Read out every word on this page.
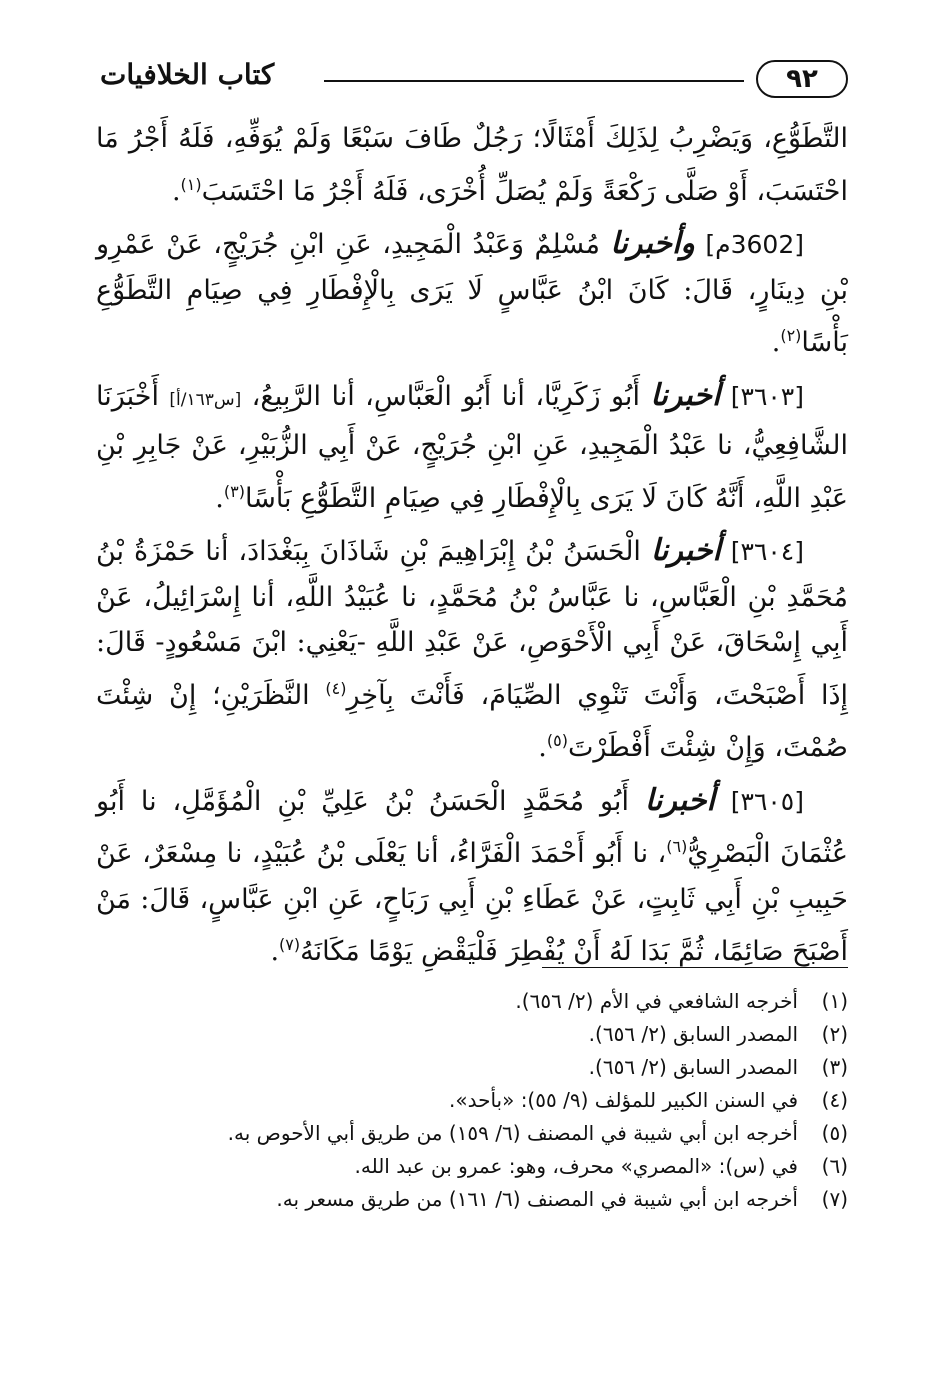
٩٢
كتاب الخلافيات

التَّطَوُّعِ، وَيَضْرِبُ لِذَلِكَ أَمْثَالًا؛ رَجُلٌ طَافَ سَبْعًا وَلَمْ يُوَفِّهِ، فَلَهُ أَجْرُ مَا احْتَسَبَ، أَوْ صَلَّى رَكْعَةً وَلَمْ يُصَلِّ أُخْرَى، فَلَهُ أَجْرُ مَا احْتَسَبَ$^{(١)}$.

[3602م] وأخبرنا مُسْلِمٌ وَعَبْدُ الْمَجِيدِ، عَنِ ابْنِ جُرَيْجٍ، عَنْ عَمْرِو بْنِ دِينَارٍ، قَالَ: كَانَ ابْنُ عَبَّاسٍ لَا يَرَى بِالْإِفْطَارِ فِي صِيَامِ التَّطَوُّعِ بَأْسًا$^{(٢)}$.

[٣٦٠٣] أخبرنا أَبُو زَكَرِيَّا، أنا أَبُو الْعَبَّاسِ، أنا الرَّبِيعُ، [س١٦٣/أ] أَخْبَرَنَا الشَّافِعِيُّ، نا عَبْدُ الْمَجِيدِ، عَنِ ابْنِ جُرَيْجٍ، عَنْ أَبِي الزُّبَيْرِ، عَنْ جَابِرِ بْنِ عَبْدِ اللَّهِ، أَنَّهُ كَانَ لَا يَرَى بِالْإِفْطَارِ فِي صِيَامِ التَّطَوُّعِ بَأْسًا$^{(٣)}$.

[٣٦٠٤] أخبرنا الْحَسَنُ بْنُ إِبْرَاهِيمَ بْنِ شَاذَانَ بِبَغْدَادَ، أنا حَمْزَةُ بْنُ مُحَمَّدِ بْنِ الْعَبَّاسِ، نا عَبَّاسُ بْنُ مُحَمَّدٍ، نا عُبَيْدُ اللَّهِ، أنا إِسْرَائِيلُ، عَنْ أَبِي إِسْحَاقَ، عَنْ أَبِي الْأَحْوَصِ، عَنْ عَبْدِ اللَّهِ -يَعْنِي: ابْنَ مَسْعُودٍ- قَالَ: إِذَا أَصْبَحْتَ، وَأَنْتَ تَنْوِي الصِّيَامَ، فَأَنْتَ بِآخِرِ$^{(٤)}$ النَّظَرَيْنِ؛ إِنْ شِئْتَ صُمْتَ، وَإِنْ شِئْتَ أَفْطَرْتَ$^{(٥)}$.

[٣٦٠٥] أخبرنا أَبُو مُحَمَّدٍ الْحَسَنُ بْنُ عَلِيِّ بْنِ الْمُؤَمَّلِ، نا أَبُو عُثْمَانَ الْبَصْرِيُّ$^{(٦)}$، نا أَبُو أَحْمَدَ الْفَرَّاءُ، أنا يَعْلَى بْنُ عُبَيْدٍ، نا مِسْعَرٌ، عَنْ حَبِيبِ بْنِ أَبِي ثَابِتٍ، عَنْ عَطَاءِ بْنِ أَبِي رَبَاحٍ، عَنِ ابْنِ عَبَّاسٍ، قَالَ: مَنْ أَصْبَحَ صَائِمًا، ثُمَّ بَدَا لَهُ أَنْ يُفْطِرَ فَلْيَقْضِ يَوْمًا مَكَانَهُ$^{(٧)}$.

(١)
أخرجه الشافعي في الأم (٢/ ٦٥٦).

(٢)
المصدر السابق (٢/ ٦٥٦).

(٣)
المصدر السابق (٢/ ٦٥٦).

(٤)
في السنن الكبير للمؤلف (٩/ ٥٥): «بأحد».

(٥)
أخرجه ابن أبي شيبة في المصنف (٦/ ١٥٩) من طريق أبي الأحوص به.

(٦)
في (س): «المصري» محرف، وهو: عمرو بن عبد الله.

(٧)
أخرجه ابن أبي شيبة في المصنف (٦/ ١٦١) من طريق مسعر به.
